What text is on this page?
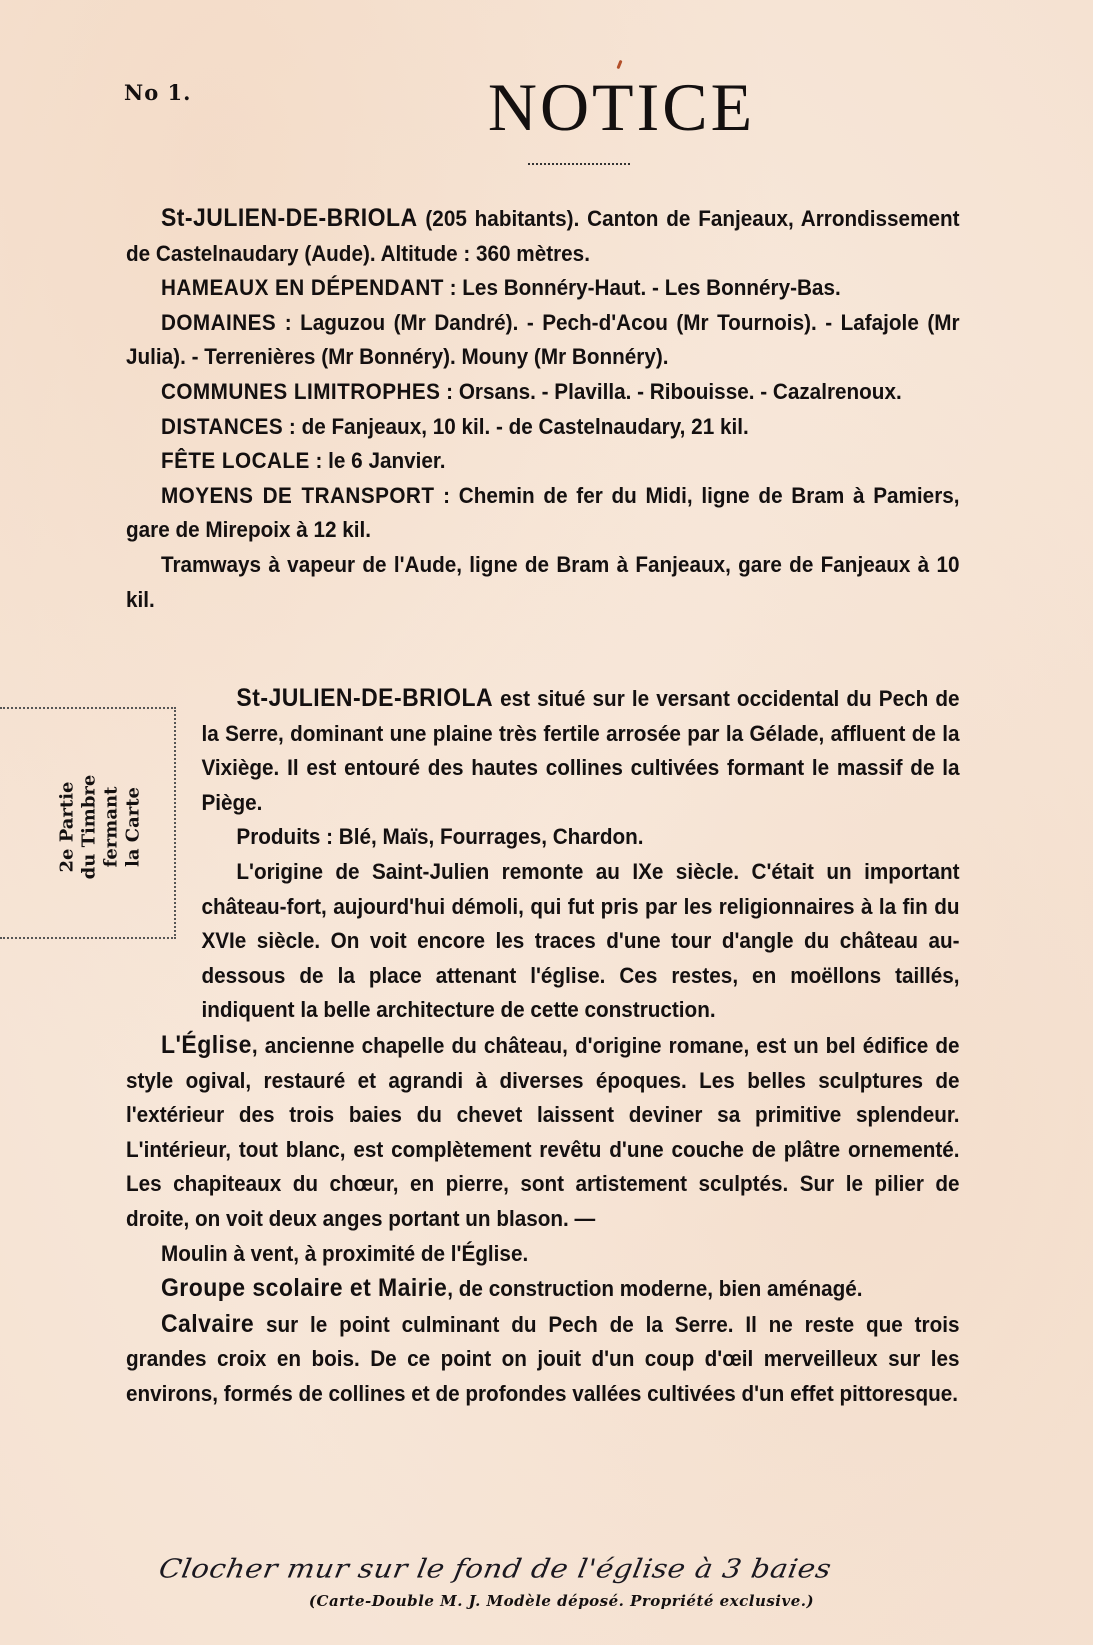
No 1.	NOTICE

St-JULIEN-DE-BRIOLA (205 habitants). Canton de Fanjeaux, Arrondissement de Castelnaudary (Aude). Altitude : 360 mètres.

HAMEAUX EN DÉPENDANT : Les Bonnéry-Haut. - Les Bonnéry-Bas.

DOMAINES : Laguzou (Mr Dandré). - Pech-d'Acou (Mr Tournois). - Lafajole (Mr Julia). - Terrenières (Mr Bonnéry). Mouny (Mr Bonnéry).

COMMUNES LIMITROPHES : Orsans. - Plavilla. - Ribouisse. - Cazalrenoux.

DISTANCES : de Fanjeaux, 10 kil. - de Castelnaudary, 21 kil.

FÊTE LOCALE : le 6 Janvier.

MOYENS DE TRANSPORT : Chemin de fer du Midi, ligne de Bram à Pamiers, gare de Mirepoix à 12 kil.

Tramways à vapeur de l'Aude, ligne de Bram à Fanjeaux, gare de Fanjeaux à 10 kil.

2e Partie du Timbre fermant la Carte

St-JULIEN-DE-BRIOLA est situé sur le versant occidental du Pech de la Serre, dominant une plaine très fertile arrosée par la Gélade, affluent de la Vixiège. Il est entouré des hautes collines cultivées formant le massif de la Piège.

Produits : Blé, Maïs, Fourrages, Chardon.

L'origine de Saint-Julien remonte au IXe siècle. C'était un important château-fort, aujourd'hui démoli, qui fut pris par les religionnaires à la fin du XVIe siècle. On voit encore les traces d'une tour d'angle du château au-dessous de la place attenant l'église. Ces restes, en moëllons taillés, indiquent la belle architecture de cette construction.

L'Église, ancienne chapelle du château, d'origine romane, est un bel édifice de style ogival, restauré et agrandi à diverses époques. Les belles sculptures de l'extérieur des trois baies du chevet laissent deviner sa primitive splendeur. L'intérieur, tout blanc, est complètement revêtu d'une couche de plâtre ornementé. Les chapiteaux du chœur, en pierre, sont artistement sculptés. Sur le pilier de droite, on voit deux anges portant un blason. —

Moulin à vent, à proximité de l'Église.

Groupe scolaire et Mairie, de construction moderne, bien aménagé.

Calvaire sur le point culminant du Pech de la Serre. Il ne reste que trois grandes croix en bois. De ce point on jouit d'un coup d'œil merveilleux sur les environs, formés de collines et de profondes vallées cultivées d'un effet pittoresque.

Clocher mur sur le fond de l'église à 3 baies
(Carte-Double M. J. Modèle déposé. Propriété exclusive.)
